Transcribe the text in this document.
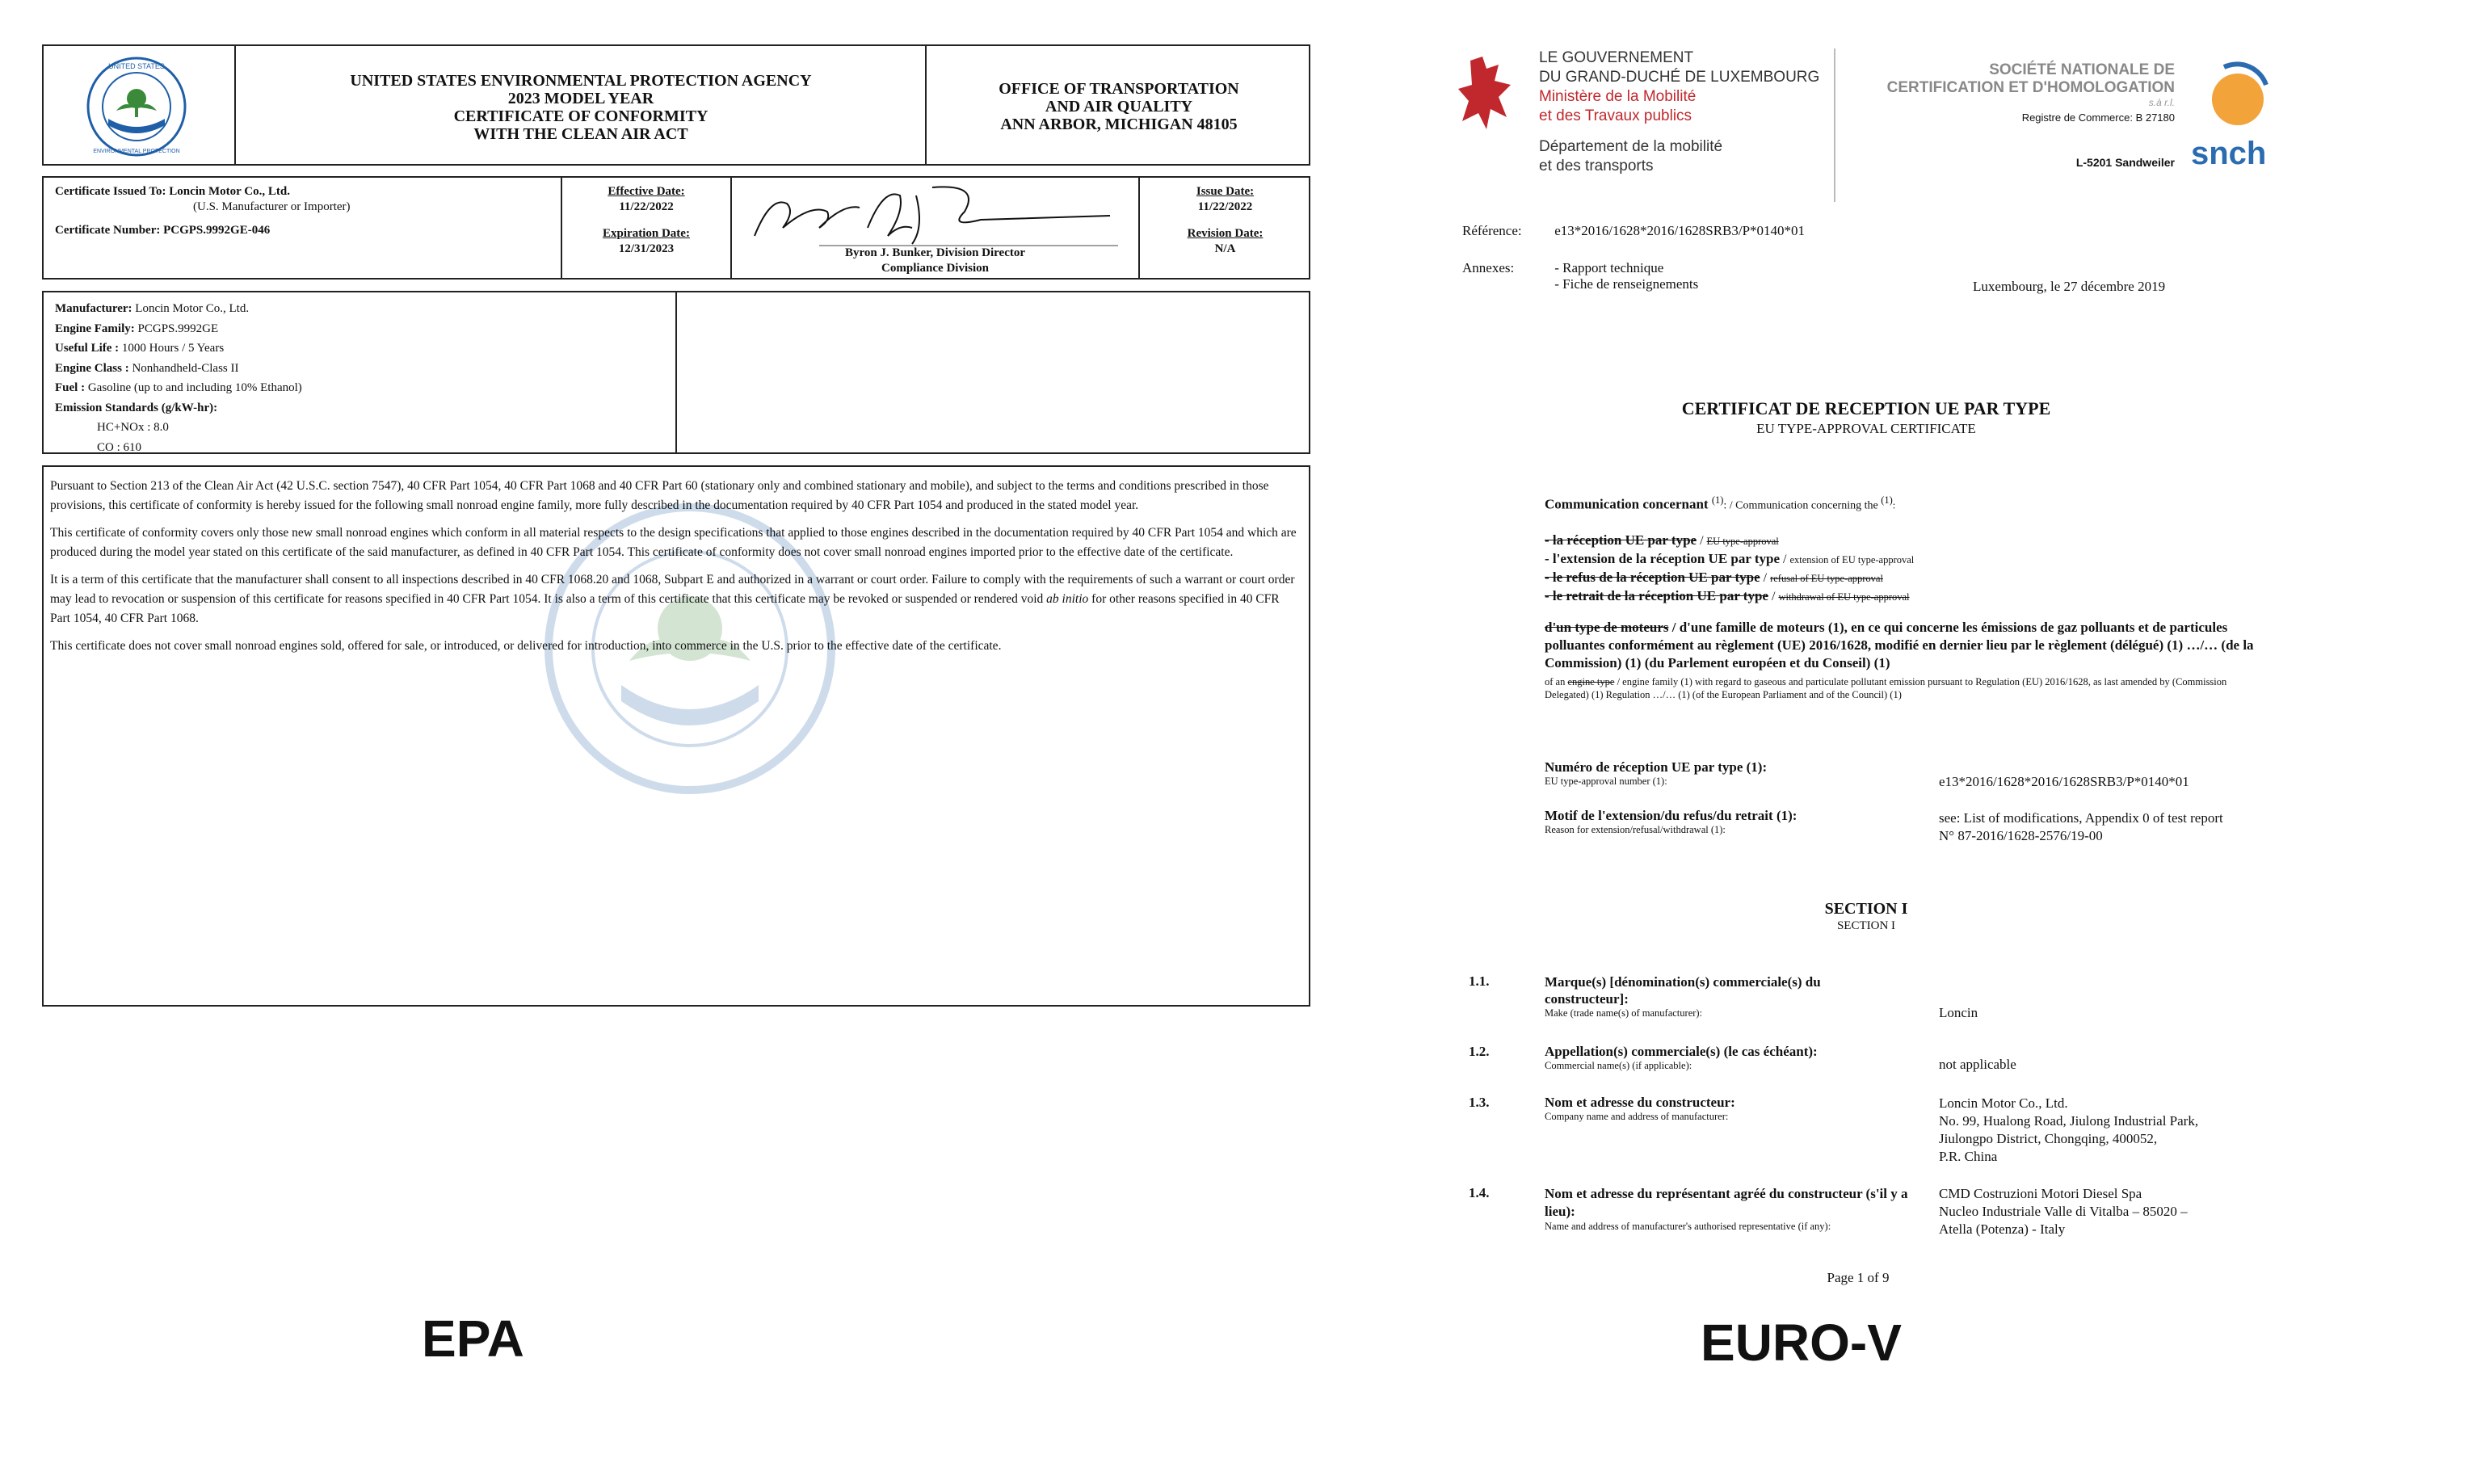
UNITED STATES
ENVIRONMENTAL PROTECTION
UNITED STATES ENVIRONMENTAL PROTECTION AGENCY
2023 MODEL YEAR
CERTIFICATE OF CONFORMITY
WITH THE CLEAN AIR ACT
OFFICE OF TRANSPORTATION
AND AIR QUALITY
ANN ARBOR, MICHIGAN 48105
Certificate Issued To: Loncin Motor Co., Ltd.
(U.S. Manufacturer or Importer)
Certificate Number: PCGPS.9992GE-046
Effective Date:
11/22/2022
Expiration Date:
12/31/2023	Byron J. Bunker, Division Director
Compliance Division
Issue Date:
11/22/2022
Revision Date:
N/A
Manufacturer: Loncin Motor Co., Ltd.
Engine Family: PCGPS.9992GE
Useful Life : 1000 Hours / 5 Years
Engine Class : Nonhandheld-Class II
Fuel : Gasoline (up to and including 10% Ethanol)
Emission Standards (g/kW-hr):
HC+NOx : 8.0
CO : 610

Pursuant to Section 213 of the Clean Air Act (42 U.S.C. section 7547), 40 CFR Part 1054, 40 CFR Part 1068 and 40 CFR Part 60 (stationary only and combined stationary and mobile), and subject to the terms and conditions prescribed in those provisions, this certificate of conformity is hereby issued for the following small nonroad engine family, more fully described in the documentation required by 40 CFR Part 1054 and produced in the stated model year.

This certificate of conformity covers only those new small nonroad engines which conform in all material respects to the design specifications that applied to those engines described in the documentation required by 40 CFR Part 1054 and which are produced during the model year stated on this certificate of the said manufacturer, as defined in 40 CFR Part 1054. This certificate of conformity does not cover small nonroad engines imported prior to the effective date of the certificate.

It is a term of this certificate that the manufacturer shall consent to all inspections described in 40 CFR 1068.20 and 1068, Subpart E and authorized in a warrant or court order. Failure to comply with the requirements of such a warrant or court order may lead to revocation or suspension of this certificate for reasons specified in 40 CFR Part 1054. It is also a term of this certificate that this certificate may be revoked or suspended or rendered void ab initio for other reasons specified in 40 CFR Part 1054, 40 CFR Part 1068.

This certificate does not cover small nonroad engines sold, offered for sale, or introduced, or delivered for introduction, into commerce in the U.S. prior to the effective date of the certificate.

EPA
LE GOUVERNEMENT
DU GRAND-DUCHÉ DE LUXEMBOURG
Ministère de la Mobilité
et des Travaux publics
Département de la mobilité
et des transports
SOCIÉTÉ NATIONALE DE
CERTIFICATION ET D'HOMOLOGATION
s.à r.l.
Registre de Commerce: B 27180
L-5201 Sandweiler snch
Référence: e13*2016/1628*2016/1628SRB3/P*0140*01
Annexes:	- Rapport technique
- Fiche de renseignements	Luxembourg, le 27 décembre 2019
CERTIFICAT DE RECEPTION UE PAR TYPE
EU TYPE-APPROVAL CERTIFICATE
Communication concernant $^{(1)}$: / Communication concerning the $^{(1)}$:
- la réception UE par type / EU type-approval
- l'extension de la réception UE par type / extension of EU type-approval
- le refus de la réception UE par type / refusal of EU type-approval
- le retrait de la réception UE par type / withdrawal of EU type-approval
d'un type de moteurs / d'une famille de moteurs (1), en ce qui concerne les émissions de gaz polluants et de particules polluantes conformément au règlement (UE) 2016/1628, modifié en dernier lieu par le règlement (délégué) (1) …/… (de la Commission) (1) (du Parlement européen et du Conseil) (1)
of an engine type / engine family (1) with regard to gaseous and particulate pollutant emission pursuant to Regulation (EU) 2016/1628, as last amended by (Commission Delegated) (1) Regulation …/… (1) (of the European Parliament and of the Council) (1)
Numéro de réception UE par type (1):
EU type-approval number (1):	e13*2016/1628*2016/1628SRB3/P*0140*01
Motif de l'extension/du refus/du retrait (1):
Reason for extension/refusal/withdrawal (1):
see: List of modifications, Appendix 0 of test report
N° 87-2016/1628-2576/19-00
SECTION I
SECTION I
1.1.	Marque(s) [dénomination(s) commerciale(s) du constructeur]:
Make (trade name(s) of manufacturer):	Loncin
1.2.	Appellation(s) commerciale(s) (le cas échéant):
Commercial name(s) (if applicable):	not applicable
1.3.	Nom et adresse du constructeur:
Company name and address of manufacturer:
Loncin Motor Co., Ltd.
No. 99, Hualong Road, Jiulong Industrial Park,
Jiulongpo District, Chongqing, 400052,
P.R. China
1.4.	Nom et adresse du représentant agréé du constructeur (s'il y a lieu):
Name and address of manufacturer's authorised representative (if any):
CMD Costruzioni Motori Diesel Spa
Nucleo Industriale Valle di Vitalba – 85020 –
Atella (Potenza) - Italy
Page 1 of 9
EURO-V
